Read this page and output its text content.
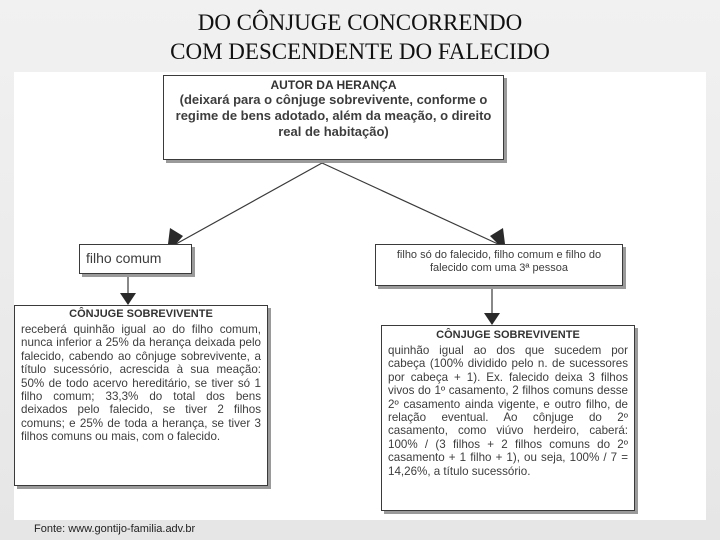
DO CÔNJUGE CONCORRENDO
COM DESCENDENTE DO FALECIDO
AUTOR DA HERANÇA
(deixará para o cônjuge sobrevivente, conforme o regime de bens adotado, além da meação, o direito real de habitação)
filho comum	filho só do falecido, filho comum e filho do falecido com uma 3ª pessoa
CÔNJUGE SOBREVIVENTE

receberá quinhão igual ao do filho comum, nunca inferior a 25% da herança deixada pelo falecido, cabendo ao cônjuge sobrevivente, a título sucessório, acrescida à sua meação: 50% de todo acervo hereditário, se tiver só 1 filho comum; 33,3% do total dos bens deixados pelo falecido, se tiver 2 filhos comuns; e 25% de toda a herança, se tiver 3 filhos comuns ou mais, com o falecido.

CÔNJUGE SOBREVIVENTE

quinhão igual ao dos que sucedem por cabeça (100% dividido pelo n. de sucessores por cabeça + 1). Ex. falecido deixa 3 filhos vivos do 1º casamento, 2 filhos comuns desse 2º casamento ainda vigente, e outro filho, de relação eventual. Ao cônjuge do 2º casamento, como viúvo herdeiro, caberá: 100% / (3 filhos + 2 filhos comuns do 2º casamento + 1 filho + 1), ou seja, 100% / 7 = 14,26%, a título sucessório.

Fonte: www.gontijo-familia.adv.br
